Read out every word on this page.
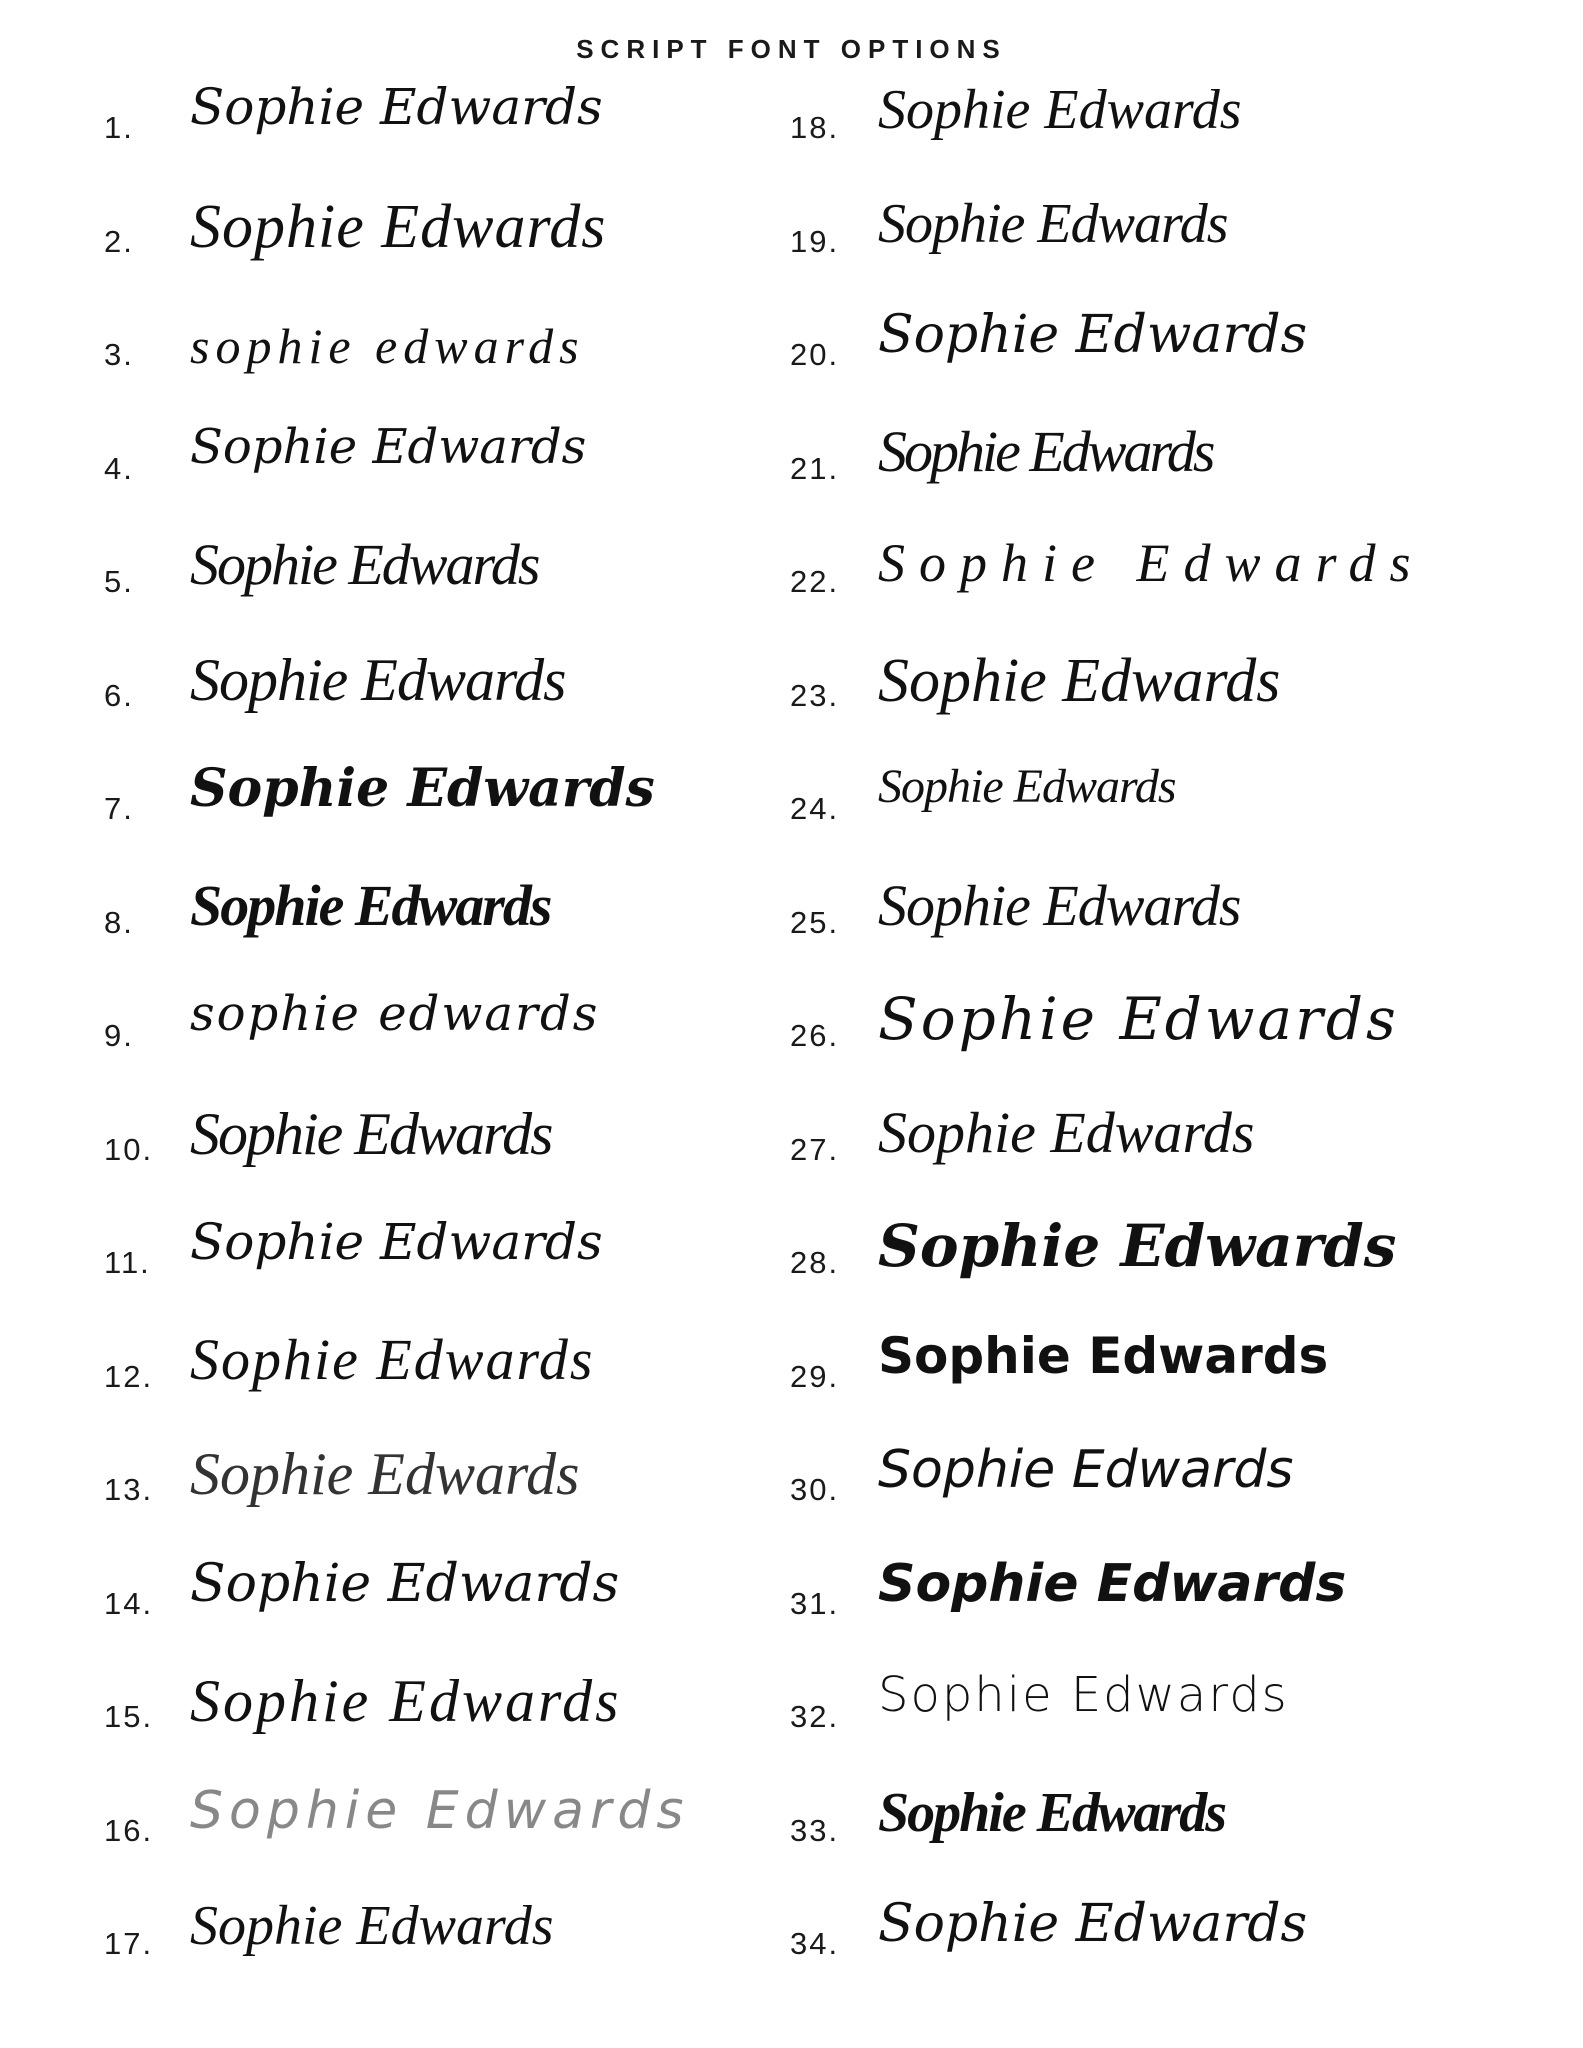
SCRIPT FONT OPTIONS
1. Sophie Edwards
2. Sophie Edwards
3. sophie edwards
4. Sophie Edwards
5. Sophie Edwards
6. Sophie Edwards
7. Sophie Edwards
8. Sophie Edwards
9. sophie edwards
10. Sophie Edwards
11. Sophie Edwards
12. Sophie Edwards
13. Sophie Edwards
14. Sophie Edwards
15. Sophie Edwards
16. Sophie Edwards
17. Sophie Edwards
18. Sophie Edwards
19. Sophie Edwards
20. Sophie Edwards
21. Sophie Edwards
22. Sophie Edwards
23. Sophie Edwards
24. Sophie Edwards
25. Sophie Edwards
26. Sophie Edwards
27. Sophie Edwards
28. Sophie Edwards
29. Sophie Edwards
30. Sophie Edwards
31. Sophie Edwards
32. Sophie Edwards
33. Sophie Edwards
34. Sophie Edwards
